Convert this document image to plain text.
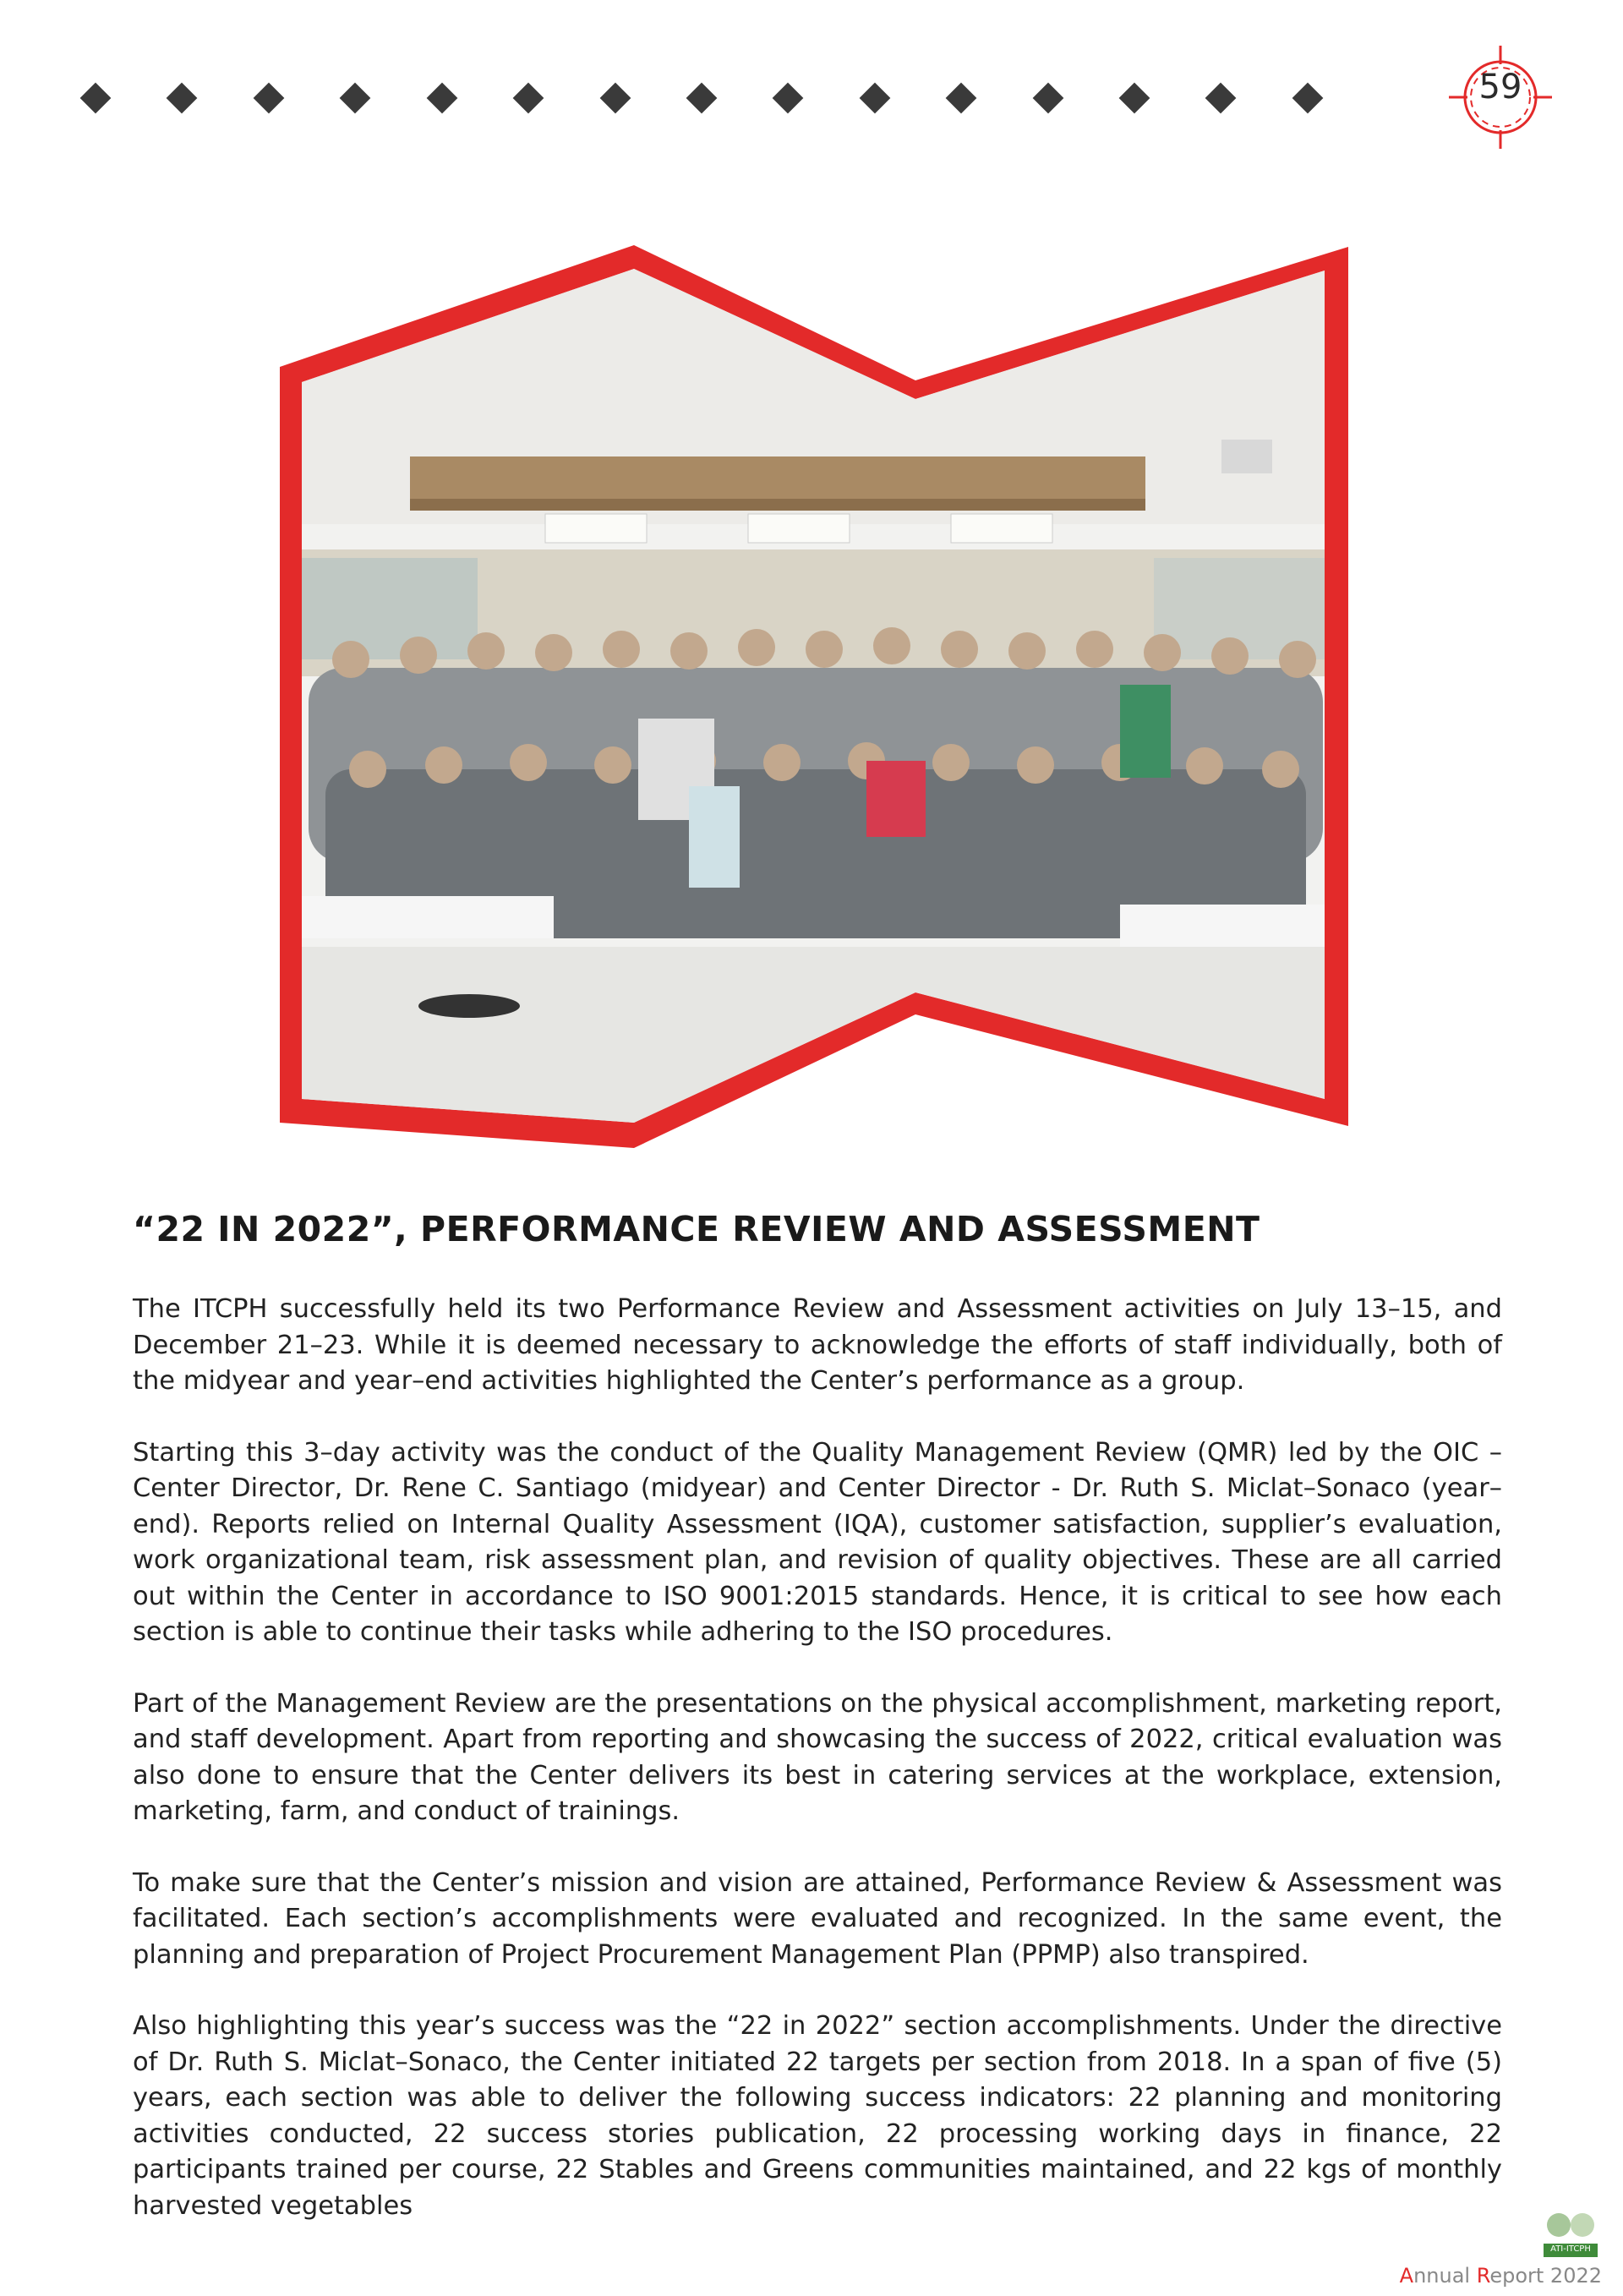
59
“22 IN 2022”, PERFORMANCE REVIEW AND ASSESSMENT

The ITCPH successfully held its two Performance Review and Assessment activities on July 13–15, and December 21–23. While it is deemed necessary to acknowledge the efforts of staff individually, both of the midyear and year–end activities highlighted the Center’s performance as a group.

Starting this 3–day activity was the conduct of the Quality Management Review (QMR) led by the OIC – Center Director, Dr. Rene C. Santiago (midyear) and Center Director - Dr. Ruth S. Miclat–Sonaco (year–end). Reports relied on Internal Quality Assessment (IQA), customer satisfaction, supplier’s evaluation, work organizational team, risk assessment plan, and revision of quality objectives. These are all carried out within the Center in accordance to ISO 9001:2015 standards. Hence, it is critical to see how each section is able to continue their tasks while adhering to the ISO procedures.

Part of the Management Review are the presentations on the physical accomplishment, marketing report, and staff development. Apart from reporting and showcasing the success of 2022, critical evaluation was also done to ensure that the Center delivers its best in catering services at the workplace, extension, marketing, farm, and conduct of trainings.

To make sure that the Center’s mission and vision are attained, Performance Review & Assessment was facilitated. Each section’s accomplishments were evaluated and recognized. In the same event, the planning and preparation of Project Procurement Management Plan (PPMP) also transpired.

Also highlighting this year’s success was the “22 in 2022” section accomplishments. Under the directive of Dr. Ruth S. Miclat–Sonaco, the Center initiated 22 targets per section from 2018. In a span of five (5) years, each section was able to deliver the following success indicators: 22 planning and monitoring activities conducted, 22 success stories publication, 22 processing working days in finance, 22 participants trained per course, 22 Stables and Greens communities maintained, and 22 kgs of monthly harvested vegetables

ATI-ITCPH
Annual Report 2022
